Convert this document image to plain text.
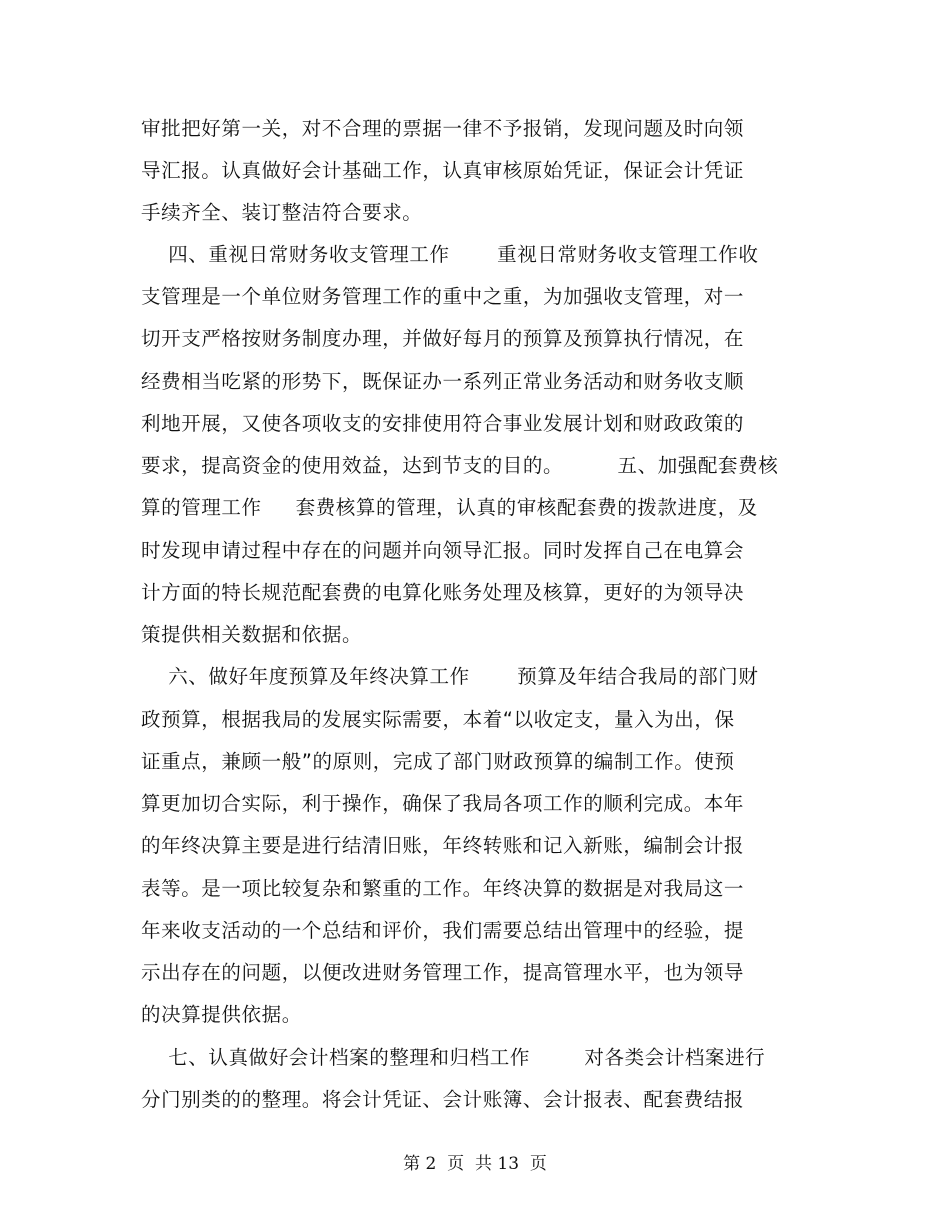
审批把好第一关，对不合理的票据一律不予报销，发现问题及时向领
导汇报。认真做好会计基础工作，认真审核原始凭证，保证会计凭证
手续齐全、装订整洁符合要求。
四、重视日常财务收支管理工作       重视日常财务收支管理工作收
支管理是一个单位财务管理工作的重中之重，为加强收支管理，对一
切开支严格按财务制度办理，并做好每月的预算及预算执行情况，在
经费相当吃紧的形势下，既保证办一系列正常业务活动和财务收支顺
利地开展，又使各项收支的安排使用符合事业发展计划和财政政策的
要求，提高资金的使用效益，达到节支的目的。        五、加强配套费核
算的管理工作     套费核算的管理，认真的审核配套费的拨款进度，及
时发现申请过程中存在的问题并向领导汇报。同时发挥自己在电算会
计方面的特长规范配套费的电算化账务处理及核算，更好的为领导决
策提供相关数据和依据。
六、做好年度预算及年终决算工作       预算及年结合我局的部门财
政预算，根据我局的发展实际需要，本着“以收定支，量入为出，保
证重点，兼顾一般”的原则，完成了部门财政预算的编制工作。使预
算更加切合实际，利于操作，确保了我局各项工作的顺利完成。本年
的年终决算主要是进行结清旧账，年终转账和记入新账，编制会计报
表等。是一项比较复杂和繁重的工作。年终决算的数据是对我局这一
年来收支活动的一个总结和评价，我们需要总结出管理中的经验，提
示出存在的问题，以便改进财务管理工作，提高管理水平，也为领导
的决算提供依据。
七、认真做好会计档案的整理和归档工作        对各类会计档案进行
分门别类的的整理。将会计凭证、会计账簿、会计报表、配套费结报
第 2  页  共 13  页
